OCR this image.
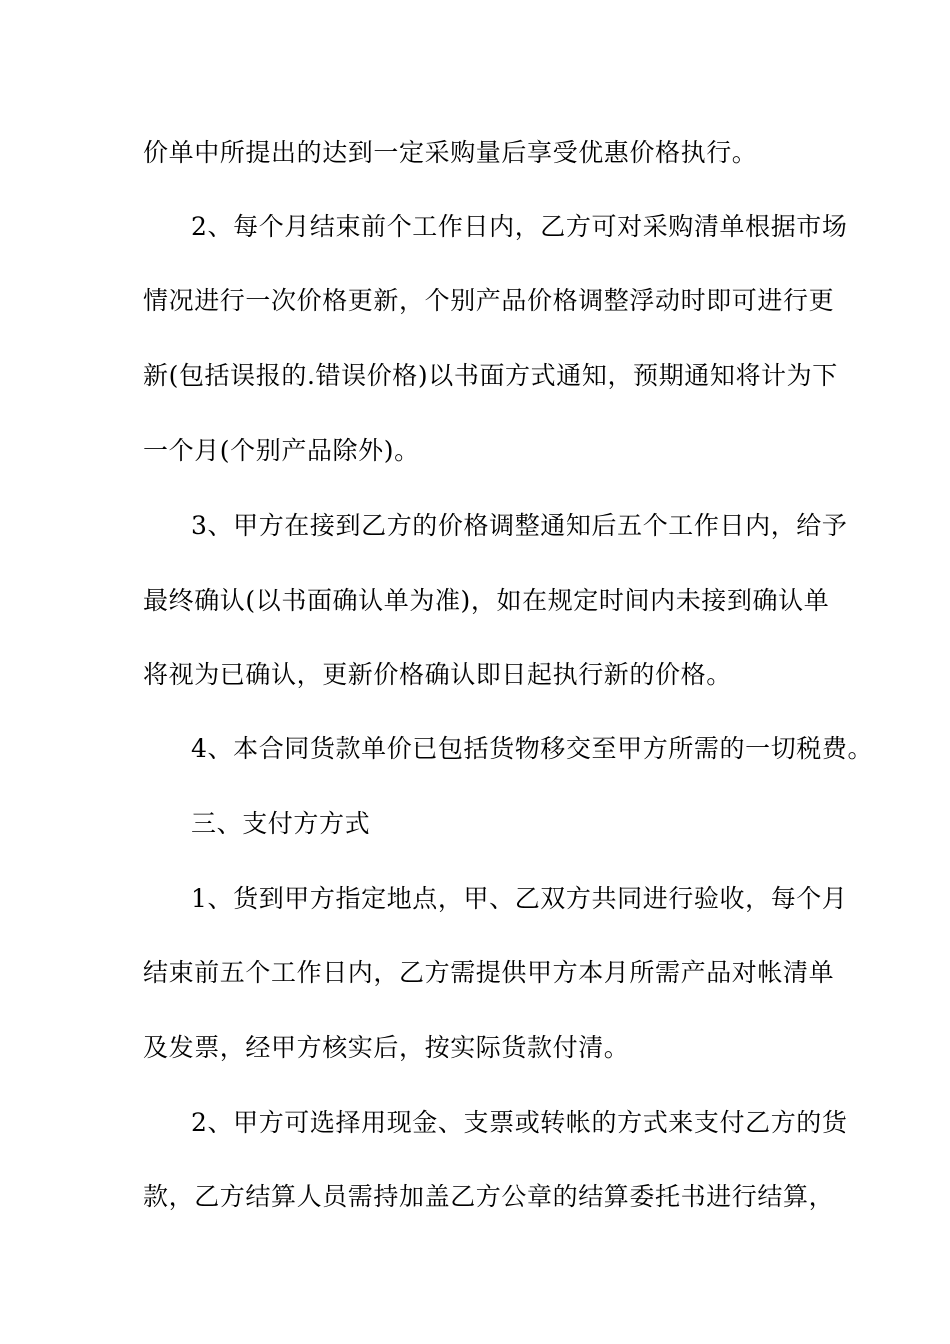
价单中所提出的达到一定采购量后享受优惠价格执行。
2、每个月结束前个工作日内，乙方可对采购清单根据市场
情况进行一次价格更新，个别产品价格调整浮动时即可进行更
新(包括误报的.错误价格)以书面方式通知，预期通知将计为下
一个月(个别产品除外)。
3、甲方在接到乙方的价格调整通知后五个工作日内，给予
最终确认(以书面确认单为准)，如在规定时间内未接到确认单
将视为已确认，更新价格确认即日起执行新的价格。
4、本合同货款单价已包括货物移交至甲方所需的一切税费。
三、支付方方式
1、货到甲方指定地点，甲、乙双方共同进行验收，每个月
结束前五个工作日内，乙方需提供甲方本月所需产品对帐清单
及发票，经甲方核实后，按实际货款付清。
2、甲方可选择用现金、支票或转帐的方式来支付乙方的货
款，乙方结算人员需持加盖乙方公章的结算委托书进行结算，
